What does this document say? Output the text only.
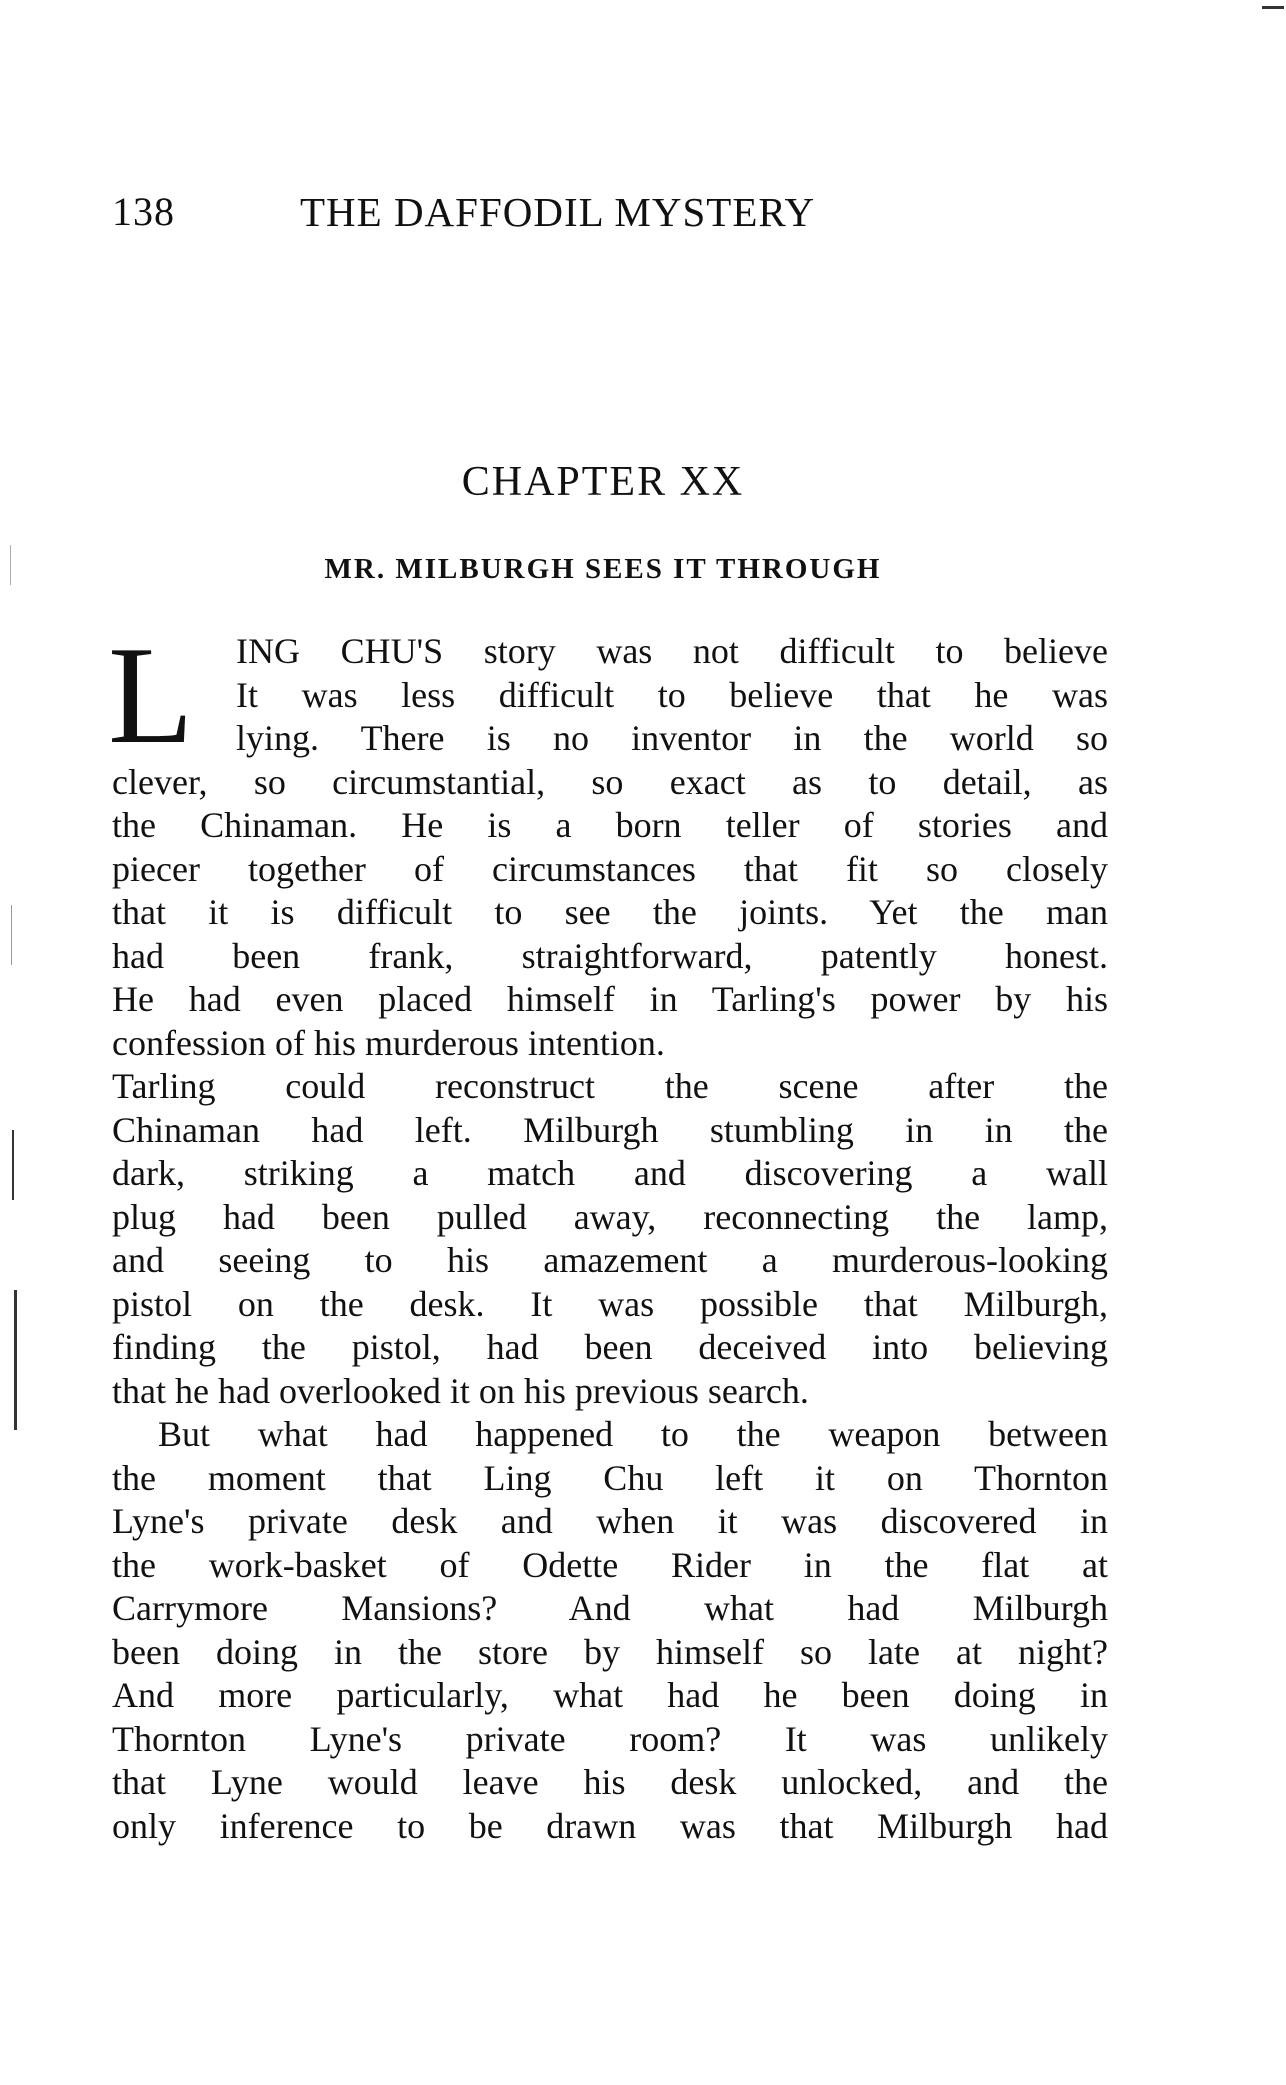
138	THE DAFFODIL MYSTERY
CHAPTER XX
MR. MILBURGH SEES IT THROUGH
L	ING CHU'S story was not difficult to believe
It was less difficult to believe that he was
lying. There is no inventor in the world so
clever, so circumstantial, so exact as to detail, as
the Chinaman. He is a born teller of stories and
piecer together of circumstances that fit so closely
that it is difficult to see the joints. Yet the man
had been frank, straightforward, patently honest.
He had even placed himself in Tarling's power by his
confession of his murderous intention.
Tarling could reconstruct the scene after the
Chinaman had left. Milburgh stumbling in in the
dark, striking a match and discovering a wall
plug had been pulled away, reconnecting the lamp,
and seeing to his amazement a murderous-looking
pistol on the desk. It was possible that Milburgh,
finding the pistol, had been deceived into believing
that he had overlooked it on his previous search.
But what had happened to the weapon between
the moment that Ling Chu left it on Thornton
Lyne's private desk and when it was discovered in
the work-basket of Odette Rider in the flat at
Carrymore Mansions? And what had Milburgh
been doing in the store by himself so late at night?
And more particularly, what had he been doing in
Thornton Lyne's private room? It was unlikely
that Lyne would leave his desk unlocked, and the
only inference to be drawn was that Milburgh had
